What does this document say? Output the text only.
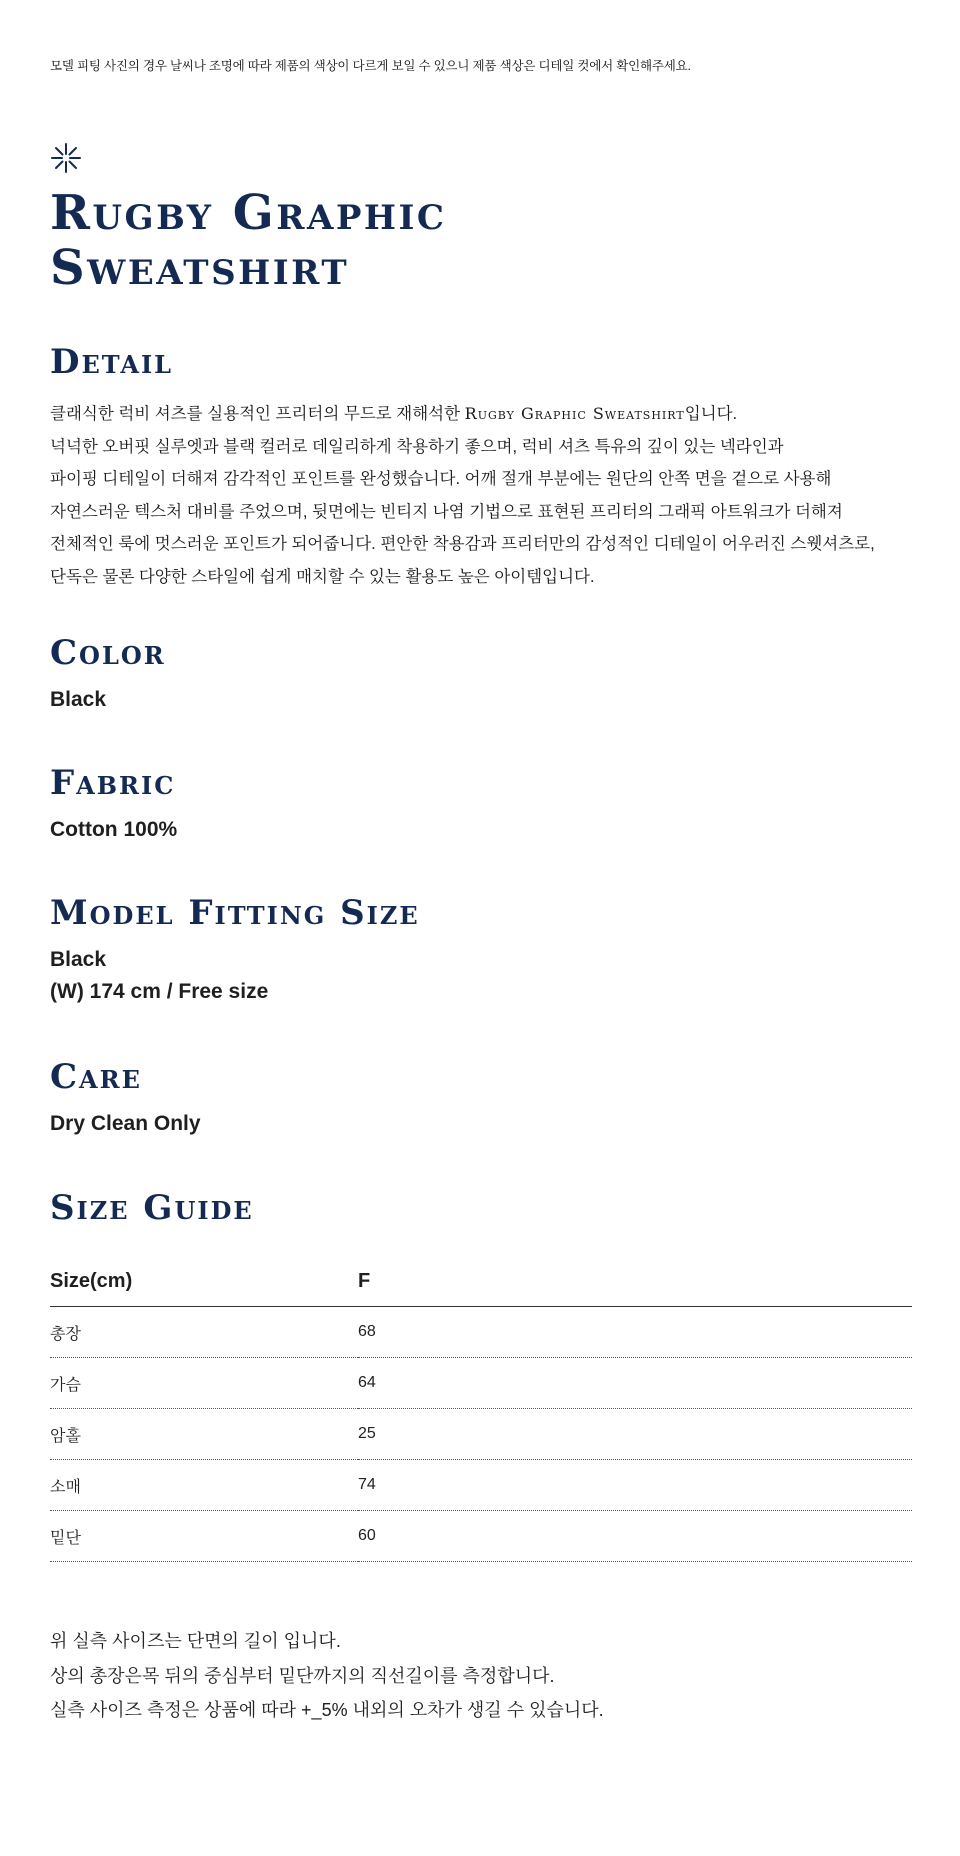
모델 피팅 사진의 경우 날씨나 조명에 따라 제품의 색상이 다르게 보일 수 있으니 제품 색상은 디테일 컷에서 확인해주세요.
Rugby Graphic
Sweatshirt
Detail

클래식한 럭비 셔츠를 실용적인 프리터의 무드로 재해석한 Rugby Graphic Sweatshirt입니다.

넉넉한 오버핏 실루엣과 블랙 컬러로 데일리하게 착용하기 좋으며, 럭비 셔츠 특유의 깊이 있는 넥라인과

파이핑 디테일이 더해져 감각적인 포인트를 완성했습니다. 어깨 절개 부분에는 원단의 안쪽 면을 겉으로 사용해

자연스러운 텍스처 대비를 주었으며, 뒷면에는 빈티지 나염 기법으로 표현된 프리터의 그래픽 아트워크가 더해져

전체적인 룩에 멋스러운 포인트가 되어줍니다. 편안한 착용감과 프리터만의 감성적인 디테일이 어우러진 스웻셔츠로,

단독은 물론 다양한 스타일에 쉽게 매치할 수 있는 활용도 높은 아이템입니다.

Color
Black
Fabric
Cotton 100%
Model Fitting Size
Black
(W) 174 cm / Free size
Care
Dry Clean Only
Size Guide
Size(cm)	F
총장	68
가슴	64
암홀	25
소매	74
밑단	60

위 실측 사이즈는 단면의 길이 입니다.

상의 총장은목 뒤의 중심부터 밑단까지의 직선길이를 측정합니다.

실측 사이즈 측정은 상품에 따라 +_5% 내외의 오차가 생길 수 있습니다.
